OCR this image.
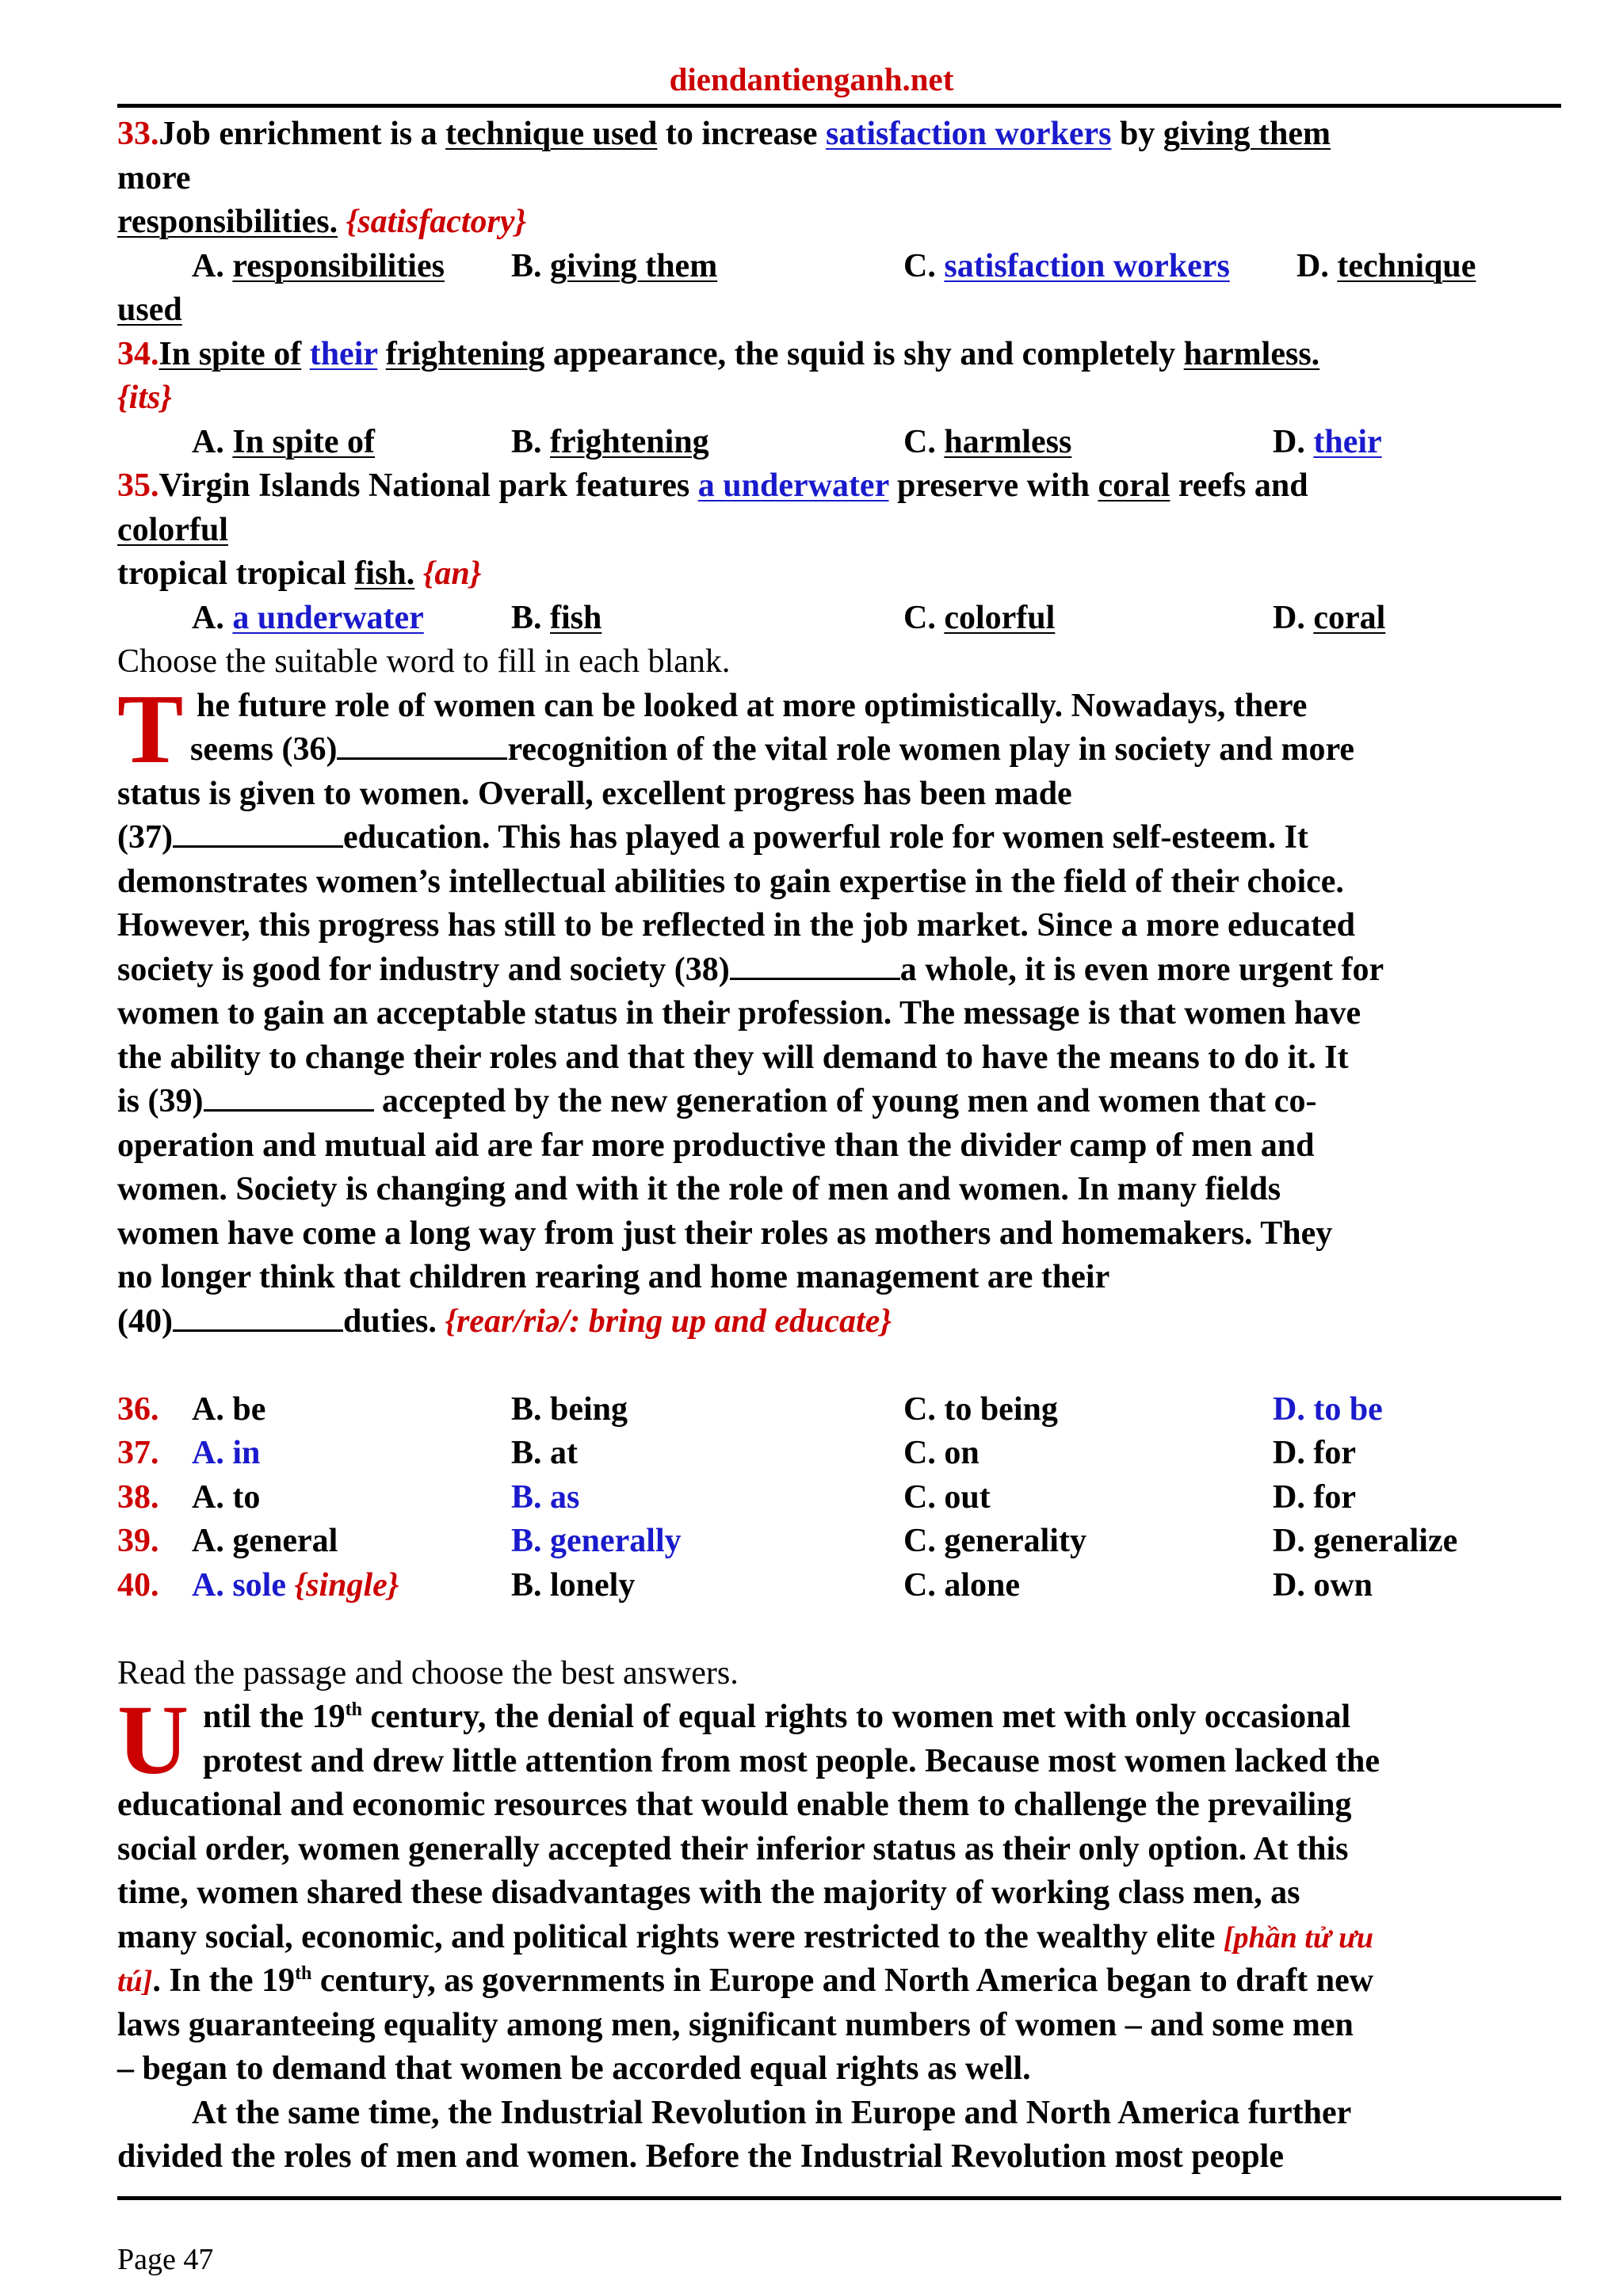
diendantienganh.net
33.Job enrichment is a technique used to increase satisfaction workers by giving them
more
responsibilities. {satisfactory}
A. responsibilities B. giving them	C. satisfaction workers D. technique
used
34.In spite of their frightening appearance, the squid is shy and completely harmless.
{its}
A. In spite of	B. frightening	C. harmless	D. their
35.Virgin Islands National park features a underwater preserve with coral reefs and
colorful
tropical tropical fish. {an}
A. a underwater	B. fish	C. colorful	D. coral
Choose the suitable word to fill in each blank.
T he future role of women can be looked at more optimistically. Nowadays, there
seems (36)	recognition of the vital role women play in society and more
status is given to women. Overall, excellent progress has been made
(37)	education. This has played a powerful role for women self-esteem. It
demonstrates women’s intellectual abilities to gain expertise in the field of their choice.
However, this progress has still to be reflected in the job market. Since a more educated
society is good for industry and society (38)	a whole, it is even more urgent for
women to gain an acceptable status in their profession. The message is that women have
the ability to change their roles and that they will demand to have the means to do it. It
is (39)	accepted by the new generation of young men and women that co-
operation and mutual aid are far more productive than the divider camp of men and
women. Society is changing and with it the role of men and women. In many fields
women have come a long way from just their roles as mothers and homemakers. They
no longer think that children rearing and home management are their
(40)	duties. {rear/riə/: bring up and educate}
36. A. be	B. being	C. to being	D. to be
37. A. in	B. at	C. on	D. for
38. A. to	B. as	C. out	D. for
39. A. general	B. generally	C. generality	D. generalize
40. A. sole {single}	B. lonely	C. alone	D. own
Read the passage and choose the best answers.
U ntil the 19th century, the denial of equal rights to women met with only occasional
protest and drew little attention from most people. Because most women lacked the
educational and economic resources that would enable them to challenge the prevailing
social order, women generally accepted their inferior status as their only option. At this
time, women shared these disadvantages with the majority of working class men, as
many social, economic, and political rights were restricted to the wealthy elite [phần tử ưu
tú]. In the 19th century, as governments in Europe and North America began to draft new
laws guaranteeing equality among men, significant numbers of women – and some men
– began to demand that women be accorded equal rights as well.
At the same time, the Industrial Revolution in Europe and North America further
divided the roles of men and women. Before the Industrial Revolution most people
Page 47
